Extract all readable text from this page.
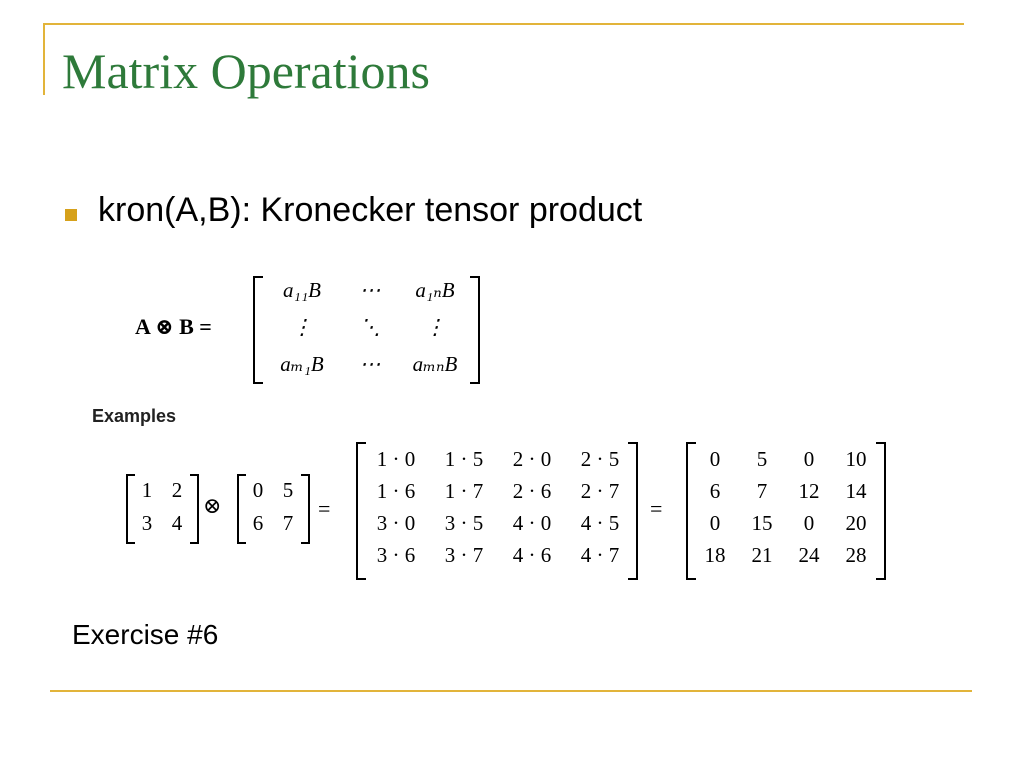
Matrix Operations
kron(A,B): Kronecker tensor product
A ⊗ B =
a₁₁B	⋯	a₁ₙB
⋮	⋱	⋮
aₘ₁B	⋯	aₘₙB
Examples
1 2
3 4
⊗
0 5
6 7
=
1 · 0	1 · 5	2 · 0	2 · 5
1 · 6	1 · 7	2 · 6	2 · 7
3 · 0	3 · 5	4 · 0	4 · 5
3 · 6	3 · 7	4 · 6	4 · 7
=
0	5	0	10
6	7	12	14
0	15	0	20
18	21	24	28
Exercise #6
